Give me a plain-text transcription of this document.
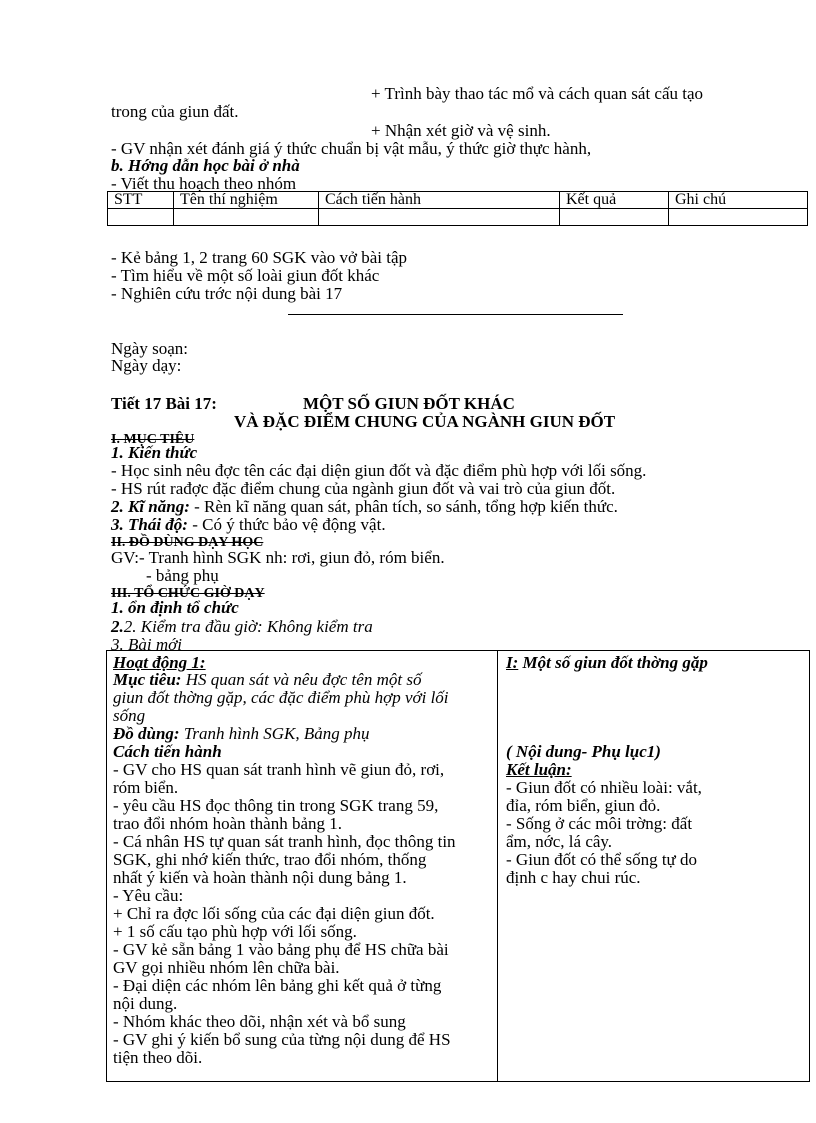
+ Trình bày thao tác mổ và cách quan sát cấu tạo
trong của giun đất.
+ Nhận xét giờ và vệ sinh.
- GV nhận xét đánh giá ý thức chuẩn bị vật mẫu, ý thức giờ thực hành,
b. Hớng dẫn học bài ở nhà
- Viết thu hoạch theo nhóm
STT	Tên thí nghiệm	Cách tiến hành	Kết quả	Ghi chú

- Kẻ bảng 1, 2 trang 60 SGK vào vở bài tập
- Tìm hiểu về một số loài giun đốt khác
- Nghiên cứu trớc nội dung bài 17
Ngày soạn:
Ngày dạy:
Tiết 17 Bài 17:	MỘT SỐ GIUN ĐỐT KHÁC
VÀ ĐẶC ĐIỂM CHUNG CỦA NGÀNH GIUN ĐỐT
I. MỤC TIÊU
1. Kiến thức
- Học sinh nêu đợc tên các đại diện giun đốt và đặc điểm phù hợp với lối sống.
- HS rút rađợc đặc điểm chung của ngành giun đốt và vai trò của giun đốt.
2. Kĩ năng: - Rèn kĩ năng quan sát, phân tích, so sánh, tổng hợp kiến thức.
3. Thái độ: - Có ý thức bảo vệ động vật.
II. ĐỒ DÙNG DẠY HỌC
GV:- Tranh hình SGK nh: rơi, giun đỏ, róm biển.
- bảng phụ
III. TỔ CHỨC GIỜ DẠY
1. ổn định tổ chức
2.2. Kiểm tra đầu giờ: Không kiểm tra
3. Bài mới
Hoạt động 1:
Mục tiêu: HS quan sát và nêu đợc tên một số
giun đốt thờng gặp, các đặc điểm phù hợp với lối
sống
Đồ dùng: Tranh hình SGK, Bảng phụ
Cách tiến hành
- GV cho HS quan sát tranh hình vẽ giun đỏ, rơi,
róm biển.
- yêu cầu HS đọc thông tin trong SGK trang 59,
trao đổi nhóm hoàn thành bảng 1.
- Cá nhân HS tự quan sát tranh hình, đọc thông tin
SGK, ghi nhớ kiến thức, trao đổi nhóm, thống
nhất ý kiến và hoàn thành nội dung bảng 1.
- Yêu cầu:
+ Chỉ ra đợc lối sống của các đại diện giun đốt.
+ 1 số cấu tạo phù hợp với lối sống.
- GV kẻ sẵn bảng 1 vào bảng phụ để HS chữa bài
GV gọi nhiều nhóm lên chữa bài.
- Đại diện các nhóm lên bảng ghi kết quả ở từng
nội dung.
- Nhóm khác theo dõi, nhận xét và bổ sung
- GV ghi ý kiến bổ sung của từng nội dung để HS
tiện theo dõi.
I: Một số giun đốt thờng gặp
( Nội dung- Phụ lục1)
Kết luận:
- Giun đốt có nhiều loài: vắt,
đỉa, róm biển, giun đỏ.
- Sống ở các môi trờng: đất
ẩm, nớc, lá cây.
- Giun đốt có thể sống tự do
định c hay chui rúc.
